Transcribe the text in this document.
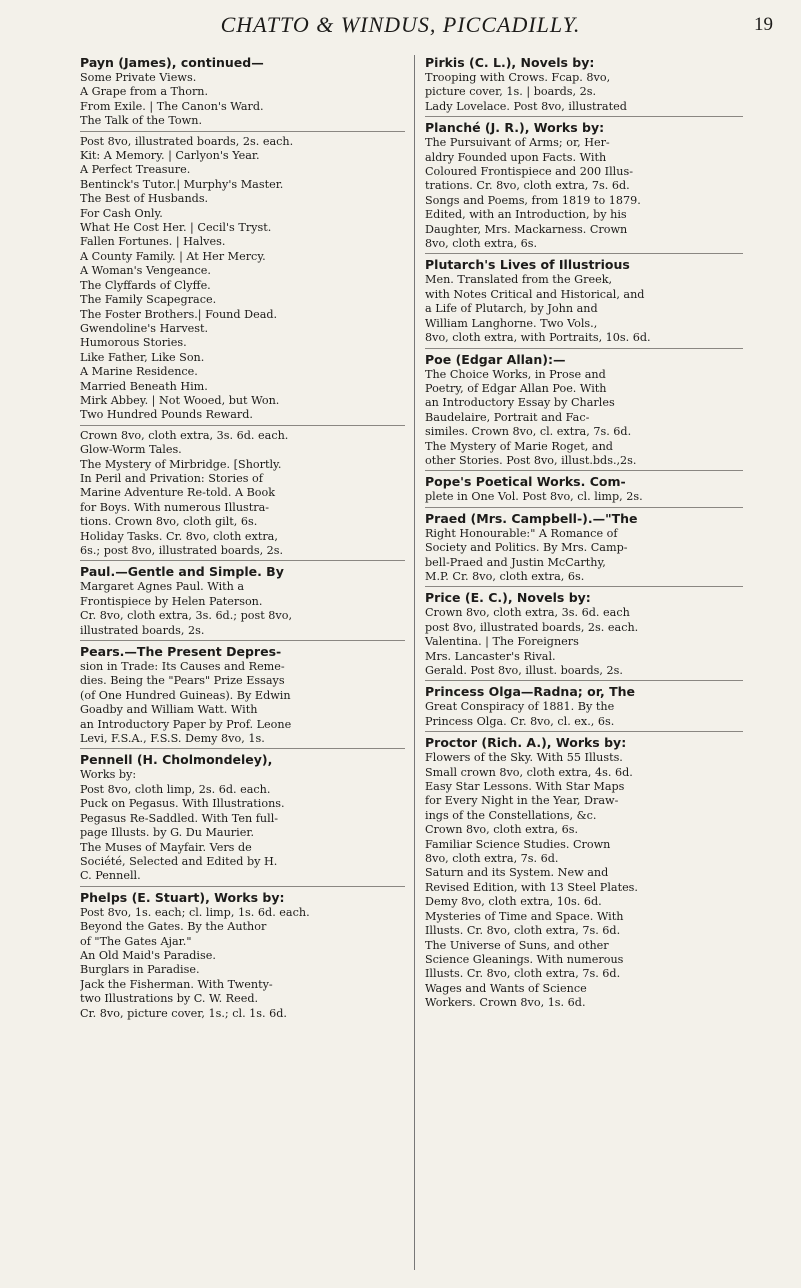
CHATTO & WINDUS, PICCADILLY.	19
Payn (James), continued—
Some Private Views.
A Grape from a Thorn.
From Exile. | The Canon's Ward.
The Talk of the Town.
Post 8vo, illustrated boards, 2s. each.
Kit: A Memory. | Carlyon's Year.
A Perfect Treasure.
Bentinck's Tutor.| Murphy's Master.
The Best of Husbands.
For Cash Only.
What He Cost Her. | Cecil's Tryst.
Fallen Fortunes. | Halves.
A County Family. | At Her Mercy.
A Woman's Vengeance.
The Clyffards of Clyffe.
The Family Scapegrace.
The Foster Brothers.| Found Dead.
Gwendoline's Harvest.
Humorous Stories.
Like Father, Like Son.
A Marine Residence.
Married Beneath Him.
Mirk Abbey. | Not Wooed, but Won.
Two Hundred Pounds Reward.
Crown 8vo, cloth extra, 3s. 6d. each.
Glow-Worm Tales.
The Mystery of Mirbridge. [Shortly.
In Peril and Privation: Stories of
Marine Adventure Re-told. A Book
for Boys. With numerous Illustra-
tions. Crown 8vo, cloth gilt, 6s.
Holiday Tasks. Cr. 8vo, cloth extra,
6s.; post 8vo, illustrated boards, 2s.
Paul.—Gentle and Simple. By
Margaret Agnes Paul. With a
Frontispiece by Helen Paterson.
Cr. 8vo, cloth extra, 3s. 6d.; post 8vo,
illustrated boards, 2s.
Pears.—The Present Depres-
sion in Trade: Its Causes and Reme-
dies. Being the "Pears" Prize Essays
(of One Hundred Guineas). By Edwin
Goadby and William Watt. With
an Introductory Paper by Prof. Leone
Levi, F.S.A., F.S.S. Demy 8vo, 1s.
Pennell (H. Cholmondeley),
Works by:
Post 8vo, cloth limp, 2s. 6d. each.
Puck on Pegasus. With Illustrations.
Pegasus Re-Saddled. With Ten full-
page Illusts. by G. Du Maurier.
The Muses of Mayfair. Vers de
Société, Selected and Edited by H.
C. Pennell.
Phelps (E. Stuart), Works by:
Post 8vo, 1s. each; cl. limp, 1s. 6d. each.
Beyond the Gates. By the Author
of "The Gates Ajar."
An Old Maid's Paradise.
Burglars in Paradise.
Jack the Fisherman. With Twenty-
two Illustrations by C. W. Reed.
Cr. 8vo, picture cover, 1s.; cl. 1s. 6d.
Pirkis (C. L.), Novels by:
Trooping with Crows. Fcap. 8vo,
picture cover, 1s. | boards, 2s.
Lady Lovelace. Post 8vo, illustrated
Planché (J. R.), Works by:
The Pursuivant of Arms; or, Her-
aldry Founded upon Facts. With
Coloured Frontispiece and 200 Illus-
trations. Cr. 8vo, cloth extra, 7s. 6d.
Songs and Poems, from 1819 to 1879.
Edited, with an Introduction, by his
Daughter, Mrs. Mackarness. Crown
8vo, cloth extra, 6s.
Plutarch's Lives of Illustrious
Men. Translated from the Greek,
with Notes Critical and Historical, and
a Life of Plutarch, by John and
William Langhorne. Two Vols.,
8vo, cloth extra, with Portraits, 10s. 6d.
Poe (Edgar Allan):—
The Choice Works, in Prose and
Poetry, of Edgar Allan Poe. With
an Introductory Essay by Charles
Baudelaire, Portrait and Fac-
similes. Crown 8vo, cl. extra, 7s. 6d.
The Mystery of Marie Roget, and
other Stories. Post 8vo, illust.bds.,2s.
Pope's Poetical Works. Com-
plete in One Vol. Post 8vo, cl. limp, 2s.
Praed (Mrs. Campbell-).—"The
Right Honourable:" A Romance of
Society and Politics. By Mrs. Camp-
bell-Praed and Justin McCarthy,
M.P. Cr. 8vo, cloth extra, 6s.
Price (E. C.), Novels by:
Crown 8vo, cloth extra, 3s. 6d. each
post 8vo, illustrated boards, 2s. each.
Valentina. | The Foreigners
Mrs. Lancaster's Rival.
Gerald. Post 8vo, illust. boards, 2s.
Princess Olga—Radna; or, The
Great Conspiracy of 1881. By the
Princess Olga. Cr. 8vo, cl. ex., 6s.
Proctor (Rich. A.), Works by:
Flowers of the Sky. With 55 Illusts.
Small crown 8vo, cloth extra, 4s. 6d.
Easy Star Lessons. With Star Maps
for Every Night in the Year, Draw-
ings of the Constellations, &c.
Crown 8vo, cloth extra, 6s.
Familiar Science Studies. Crown
8vo, cloth extra, 7s. 6d.
Saturn and its System. New and
Revised Edition, with 13 Steel Plates.
Demy 8vo, cloth extra, 10s. 6d.
Mysteries of Time and Space. With
Illusts. Cr. 8vo, cloth extra, 7s. 6d.
The Universe of Suns, and other
Science Gleanings. With numerous
Illusts. Cr. 8vo, cloth extra, 7s. 6d.
Wages and Wants of Science
Workers. Crown 8vo, 1s. 6d.
